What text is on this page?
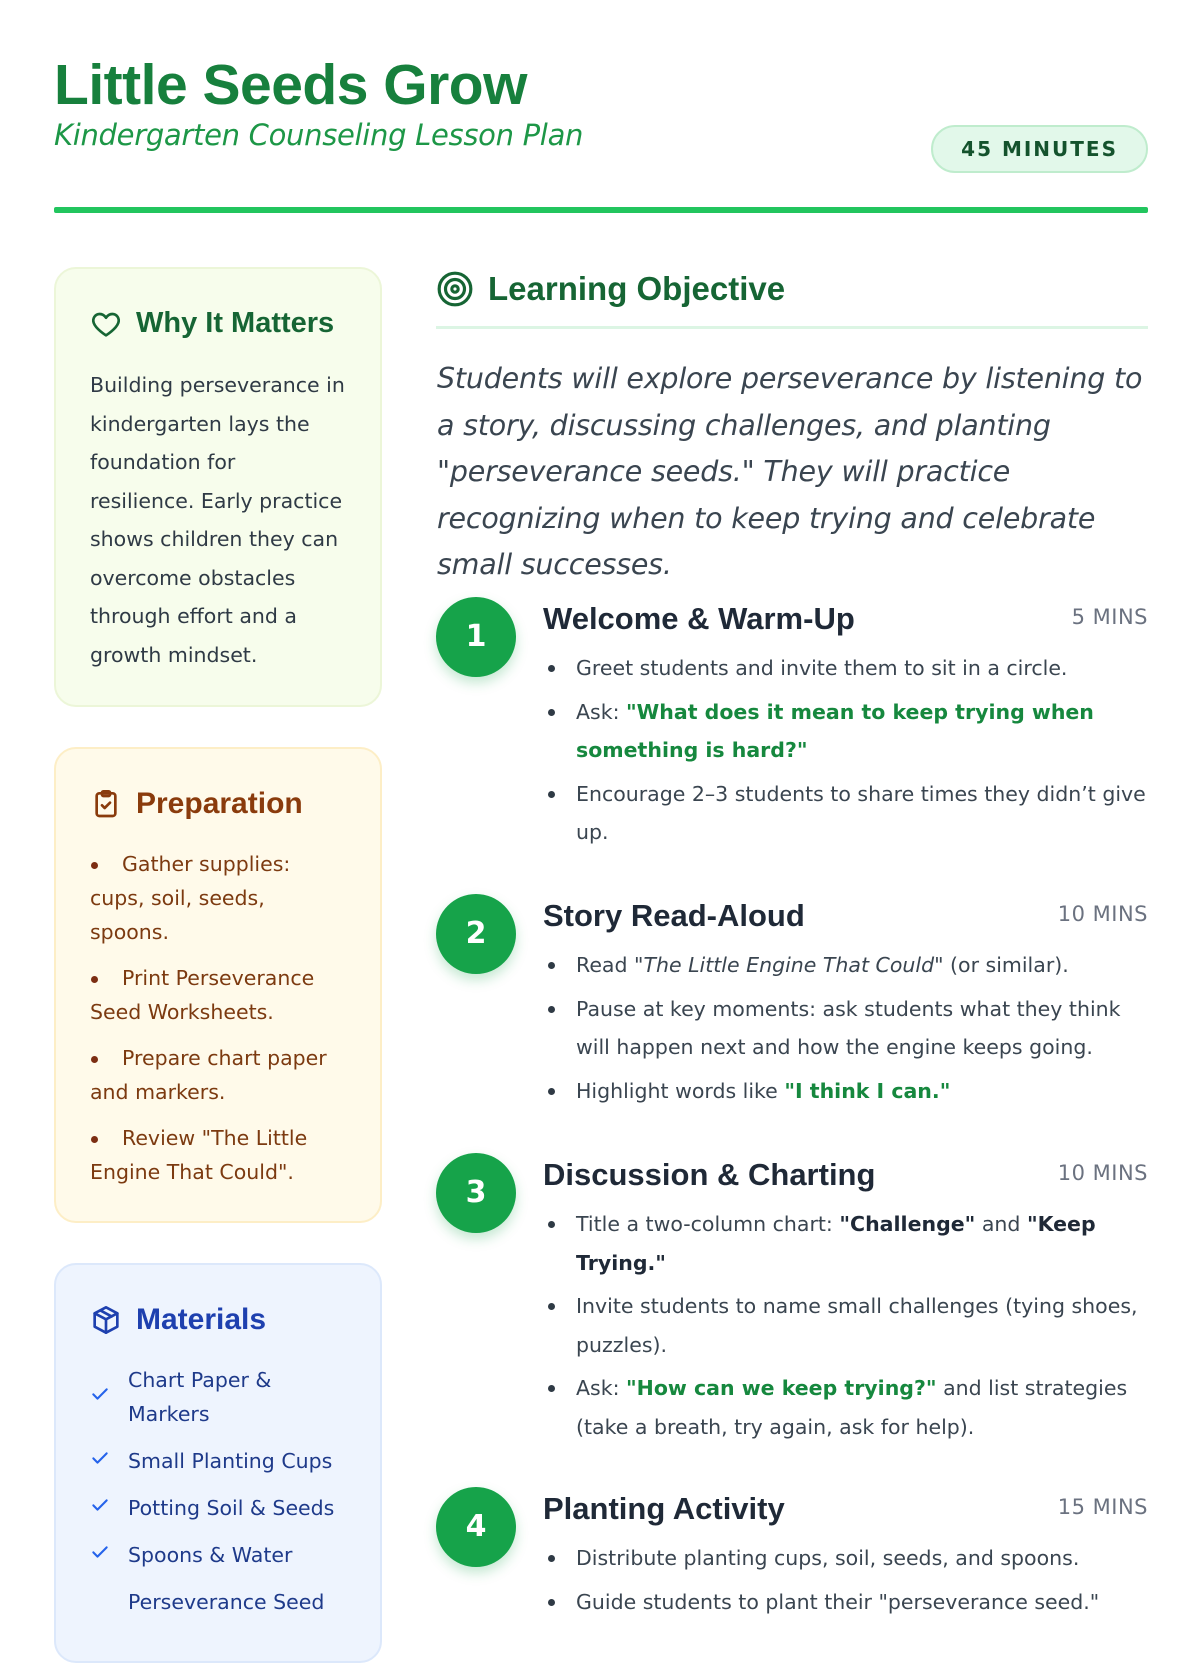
Little Seeds Grow
Kindergarten Counseling Lesson Plan	45 MINUTES
Why It Matters

Building perseverance in kindergarten lays the foundation for resilience. Early practice shows children they can overcome obstacles through effort and a growth mindset.

Preparation
Gather supplies: cups, soil, seeds, spoons.
Print Perseverance Seed Worksheets.
Prepare chart paper and markers.
Review "The Little Engine That Could".
Materials
Chart Paper & Markers
Small Planting Cups
Potting Soil & Seeds
Spoons & Water
Perseverance Seed
Learning Objective
Students will explore perseverance by listening to a story, discussing challenges, and planting "perseverance seeds." They will practice recognizing when to keep trying and celebrate small successes.
1
Welcome & Warm-Up	5 MINS
Greet students and invite them to sit in a circle.
Ask: "What does it mean to keep trying when something is hard?"
Encourage 2–3 students to share times they didn’t give up.
2
Story Read-Aloud	10 MINS
Read "The Little Engine That Could" (or similar).
Pause at key moments: ask students what they think will happen next and how the engine keeps going.
Highlight words like "I think I can."
3
Discussion & Charting	10 MINS
Title a two-column chart: "Challenge" and "Keep Trying."
Invite students to name small challenges (tying shoes, puzzles).
Ask: "How can we keep trying?" and list strategies (take a breath, try again, ask for help).
4
Planting Activity	15 MINS
Distribute planting cups, soil, seeds, and spoons.
Guide students to plant their "perseverance seed."
